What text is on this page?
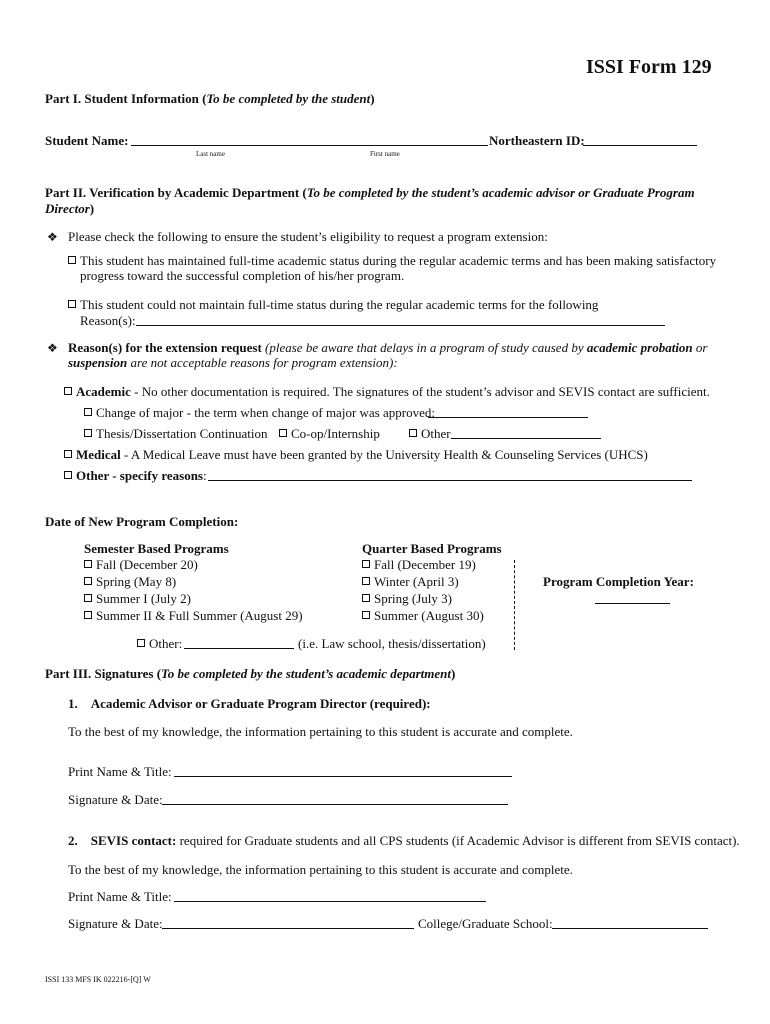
ISSI Form 129
Part I. Student Information (To be completed by the student)
Student Name:	Northeastern ID:
Last name	First name
Part II. Verification by Academic Department (To be completed by the student’s academic advisor or Graduate Program
Director)
❖ Please check the following to ensure the student’s eligibility to request a program extension:
This student has maintained full-time academic status during the regular academic terms and has been making satisfactory
progress toward the successful completion of his/her program.
This student could not maintain full-time status during the regular academic terms for the following
Reason(s):
❖ Reason(s) for the extension request (please be aware that delays in a program of study caused by academic probation or
suspension are not acceptable reasons for program extension):
Academic - No other documentation is required. The signatures of the student’s advisor and SEVIS contact are sufficient.
Change of major - the term when change of major was approved:
Thesis/Dissertation Continuation	Co-op/Internship	Other
Medical - A Medical Leave must have been granted by the University Health & Counseling Services (UHCS)
Other - specify reasons:
Date of New Program Completion:
Semester Based Programs
Fall (December 20)
Spring (May 8)
Summer I (July 2)
Summer II & Full Summer (August 29)
Quarter Based Programs
Fall (December 19)
Winter (April 3)
Spring (July 3)
Summer (August 30)
Program Completion Year:
Other:	(i.e. Law school, thesis/dissertation)
Part III. Signatures (To be completed by the student’s academic department)
1. Academic Advisor or Graduate Program Director (required):
To the best of my knowledge, the information pertaining to this student is accurate and complete.
Print Name & Title:
Signature & Date:
2. SEVIS contact: required for Graduate students and all CPS students (if Academic Advisor is different from SEVIS contact).
To the best of my knowledge, the information pertaining to this student is accurate and complete.
Print Name & Title:
Signature & Date:	College/Graduate School:
ISSI 133 MFS IK 022216-[Q] W
